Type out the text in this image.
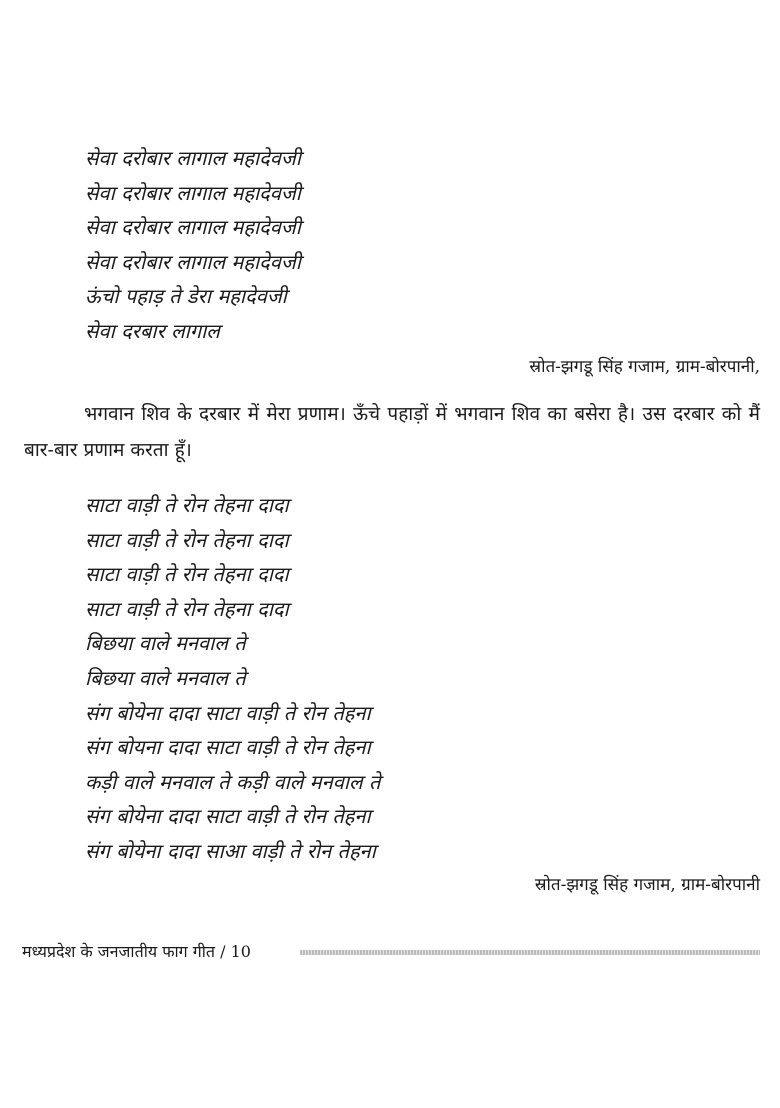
सेवा दरोबार लागाल महादेवजी
सेवा दरोबार लागाल महादेवजी
सेवा दरोबार लागाल महादेवजी
सेवा दरोबार लागाल महादेवजी
ऊंचो पहाड़ ते डेरा महादेवजी
सेवा दरबार लागाल
स्रोत-झगडू सिंह गजाम, ग्राम-बोरपानी,
भगवान शिव के दरबार में मेरा प्रणाम। ऊँचे पहाड़ों में भगवान शिव का बसेरा है। उस दरबार को मैं बार-बार प्रणाम करता हूँ।
साटा वाड़ी ते रोन तेहना दादा
साटा वाड़ी ते रोन तेहना दादा
साटा वाड़ी ते रोन तेहना दादा
साटा वाड़ी ते रोन तेहना दादा
बिछया वाले मनवाल ते
बिछया वाले मनवाल ते
संग बोयेना दादा साटा वाड़ी ते रोन तेहना
संग बोयना दादा साटा वाड़ी ते रोन तेहना
कड़ी वाले मनवाल ते कड़ी वाले मनवाल ते
संग बोयेना दादा साटा वाड़ी ते रोन तेहना
संग बोयेना दादा साआ वाड़ी ते रोन तेहना
स्रोत-झगडू सिंह गजाम, ग्राम-बोरपानी
मध्यप्रदेश के जनजातीय फाग गीत / 10
